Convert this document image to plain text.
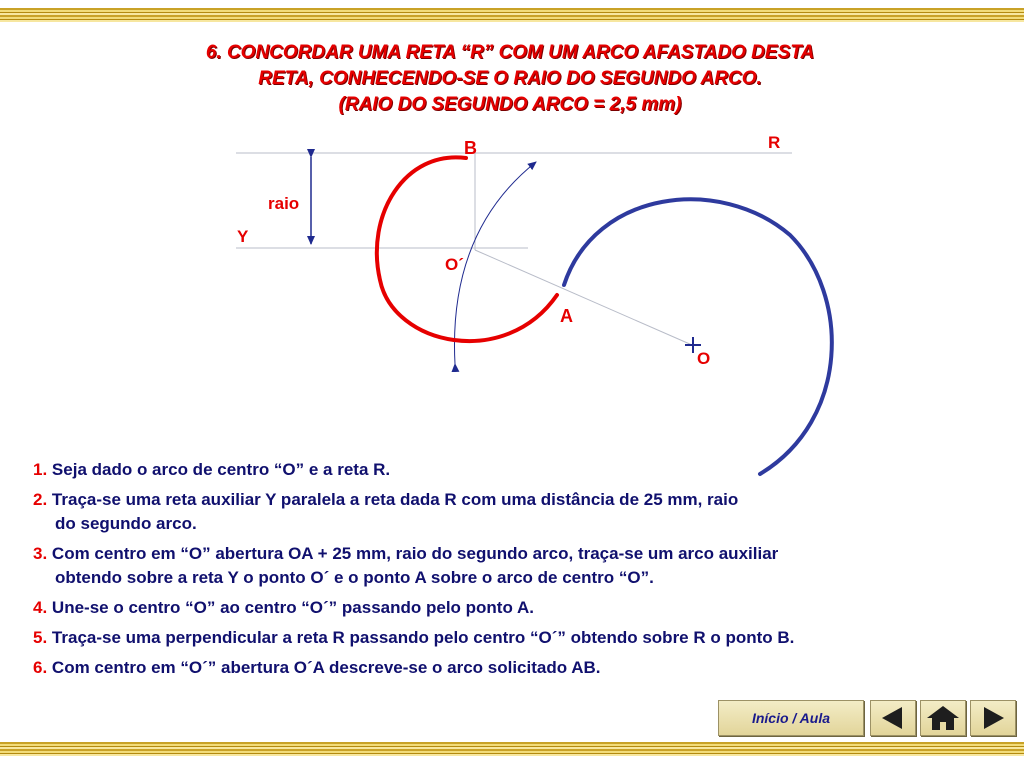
6. CONCORDAR UMA RETA “R” COM UM ARCO AFASTADO DESTA
RETA, CONHECENDO-SE O RAIO DO SEGUNDO ARCO.
(RAIO DO SEGUNDO ARCO = 2,5 mm)
B	R
raio
Y
O´
A
O
1. Seja dado o arco de centro “O” e a reta R.
2. Traça-se uma reta auxiliar Y paralela a reta dada R com uma distância de 25 mm, raio
do segundo arco.
3. Com centro em “O” abertura OA + 25 mm, raio do segundo arco, traça-se um arco auxiliar
obtendo sobre a reta Y o ponto O´ e o ponto A sobre o arco de centro “O”.
4. Une-se o centro “O” ao centro “O´” passando pelo ponto A.
5. Traça-se uma perpendicular a reta R passando pelo centro “O´” obtendo sobre R o ponto B.
6. Com centro em “O´” abertura O´A descreve-se o arco solicitado AB.
Início / Aula
